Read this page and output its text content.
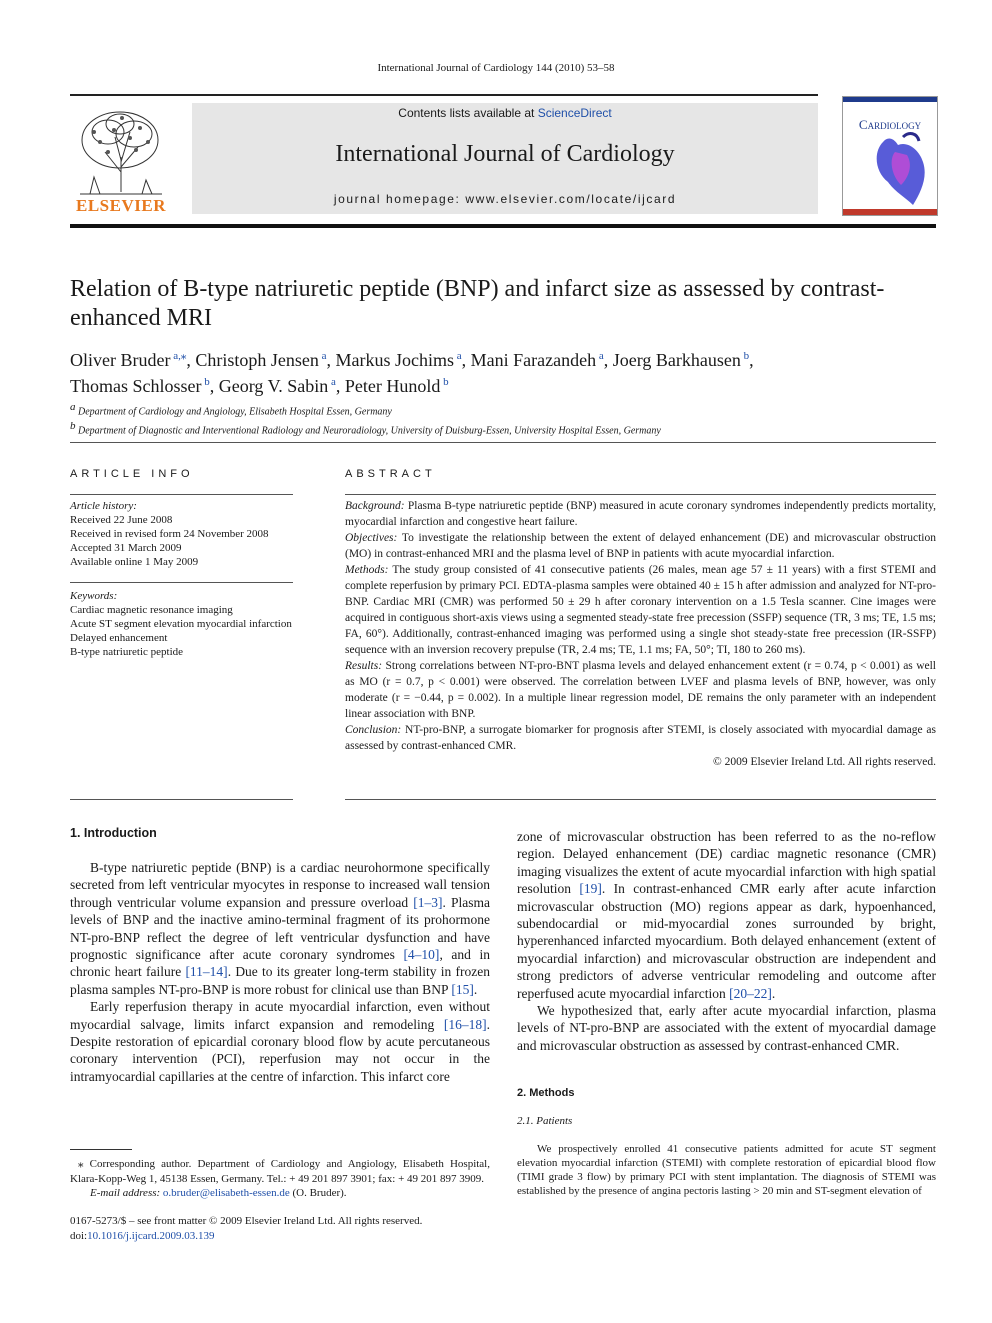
International Journal of Cardiology 144 (2010) 53–58
ELSEVIER
Contents lists available at ScienceDirect
International Journal of Cardiology
journal homepage: www.elsevier.com/locate/ijcard
Cardiology
Relation of B-type natriuretic peptide (BNP) and infarct size as assessed by contrast-enhanced MRI
Oliver Bruder $^{a,⁎}$, Christoph Jensen $^a$, Markus Jochims $^a$, Mani Farazandeh $^a$, Joerg Barkhausen $^b$,
Thomas Schlosser $^b$, Georg V. Sabin $^a$, Peter Hunold $^b$
$^a$ Department of Cardiology and Angiology, Elisabeth Hospital Essen, Germany
$^b$ Department of Diagnostic and Interventional Radiology and Neuroradiology, University of Duisburg-Essen, University Hospital Essen, Germany
ARTICLE INFO
Article history:
Received 22 June 2008
Received in revised form 24 November 2008
Accepted 31 March 2009
Available online 1 May 2009
Keywords:
Cardiac magnetic resonance imaging
Acute ST segment elevation myocardial infarction
Delayed enhancement
B-type natriuretic peptide
ABSTRACT

Background: Plasma B-type natriuretic peptide (BNP) measured in acute coronary syndromes independently predicts mortality, myocardial infarction and congestive heart failure.

Objectives: To investigate the relationship between the extent of delayed enhancement (DE) and microvascular obstruction (MO) in contrast-enhanced MRI and the plasma level of BNP in patients with acute myocardial infarction.

Methods: The study group consisted of 41 consecutive patients (26 males, mean age 57 ± 11 years) with a first STEMI and complete reperfusion by primary PCI. EDTA-plasma samples were obtained 40 ± 15 h after admission and analyzed for NT-pro-BNP. Cardiac MRI (CMR) was performed 50 ± 29 h after coronary intervention on a 1.5 Tesla scanner. Cine images were acquired in contiguous short-axis views using a segmented steady-state free precession (SSFP) sequence (TR, 3 ms; TE, 1.5 ms; FA, 60°). Additionally, contrast-enhanced imaging was performed using a single shot steady-state free precession (IR-SSFP) sequence with an inversion recovery prepulse (TR, 2.4 ms; TE, 1.1 ms; FA, 50°; TI, 180 to 260 ms).

Results: Strong correlations between NT-pro-BNT plasma levels and delayed enhancement extent (r = 0.74, p < 0.001) as well as MO (r = 0.7, p < 0.001) were observed. The correlation between LVEF and plasma levels of BNP, however, was only moderate (r = −0.44, p = 0.002). In a multiple linear regression model, DE remains the only parameter with an independent linear association with BNP.

Conclusion: NT-pro-BNP, a surrogate biomarker for prognosis after STEMI, is closely associated with myocardial damage as assessed by contrast-enhanced CMR.

© 2009 Elsevier Ireland Ltd. All rights reserved.

1. Introduction

B-type natriuretic peptide (BNP) is a cardiac neurohormone specifically secreted from left ventricular myocytes in response to increased wall tension through ventricular volume expansion and pressure overload [1–3]. Plasma levels of BNP and the inactive amino-terminal fragment of its prohormone NT-pro-BNP reflect the degree of left ventricular dysfunction and have prognostic significance after acute coronary syndromes [4–10], and in chronic heart failure [11–14]. Due to its greater long-term stability in frozen plasma samples NT-pro-BNP is more robust for clinical use than BNP [15].

Early reperfusion therapy in acute myocardial infarction, even without myocardial salvage, limits infarct expansion and remodeling [16–18]. Despite restoration of epicardial coronary blood flow by acute percutaneous coronary intervention (PCI), reperfusion may not occur in the intramyocardial capillaries at the centre of infarction. This infarct core

zone of microvascular obstruction has been referred to as the no-reflow region. Delayed enhancement (DE) cardiac magnetic resonance (CMR) imaging visualizes the extent of acute myocardial infarction with high spatial resolution [19]. In contrast-enhanced CMR early after acute infarction microvascular obstruction (MO) regions appear as dark, hypoenhanced, subendocardial or mid-myocardial zones surrounded by bright, hyperenhanced infarcted myocardium. Both delayed enhancement (extent of myocardial infarction) and microvascular obstruction are independent and strong predictors of adverse ventricular remodeling and outcome after reperfused acute myocardial infarction [20–22].

We hypothesized that, early after acute myocardial infarction, plasma levels of NT-pro-BNP are associated with the extent of myocardial damage and microvascular obstruction as assessed by contrast-enhanced CMR.

2. Methods
2.1. Patients

We prospectively enrolled 41 consecutive patients admitted for acute ST segment elevation myocardial infarction (STEMI) with complete restoration of epicardial blood flow (TIMI grade 3 flow) by primary PCI with stent implantation. The diagnosis of STEMI was established by the presence of angina pectoris lasting > 20 min and ST-segment elevation of

⁎ Corresponding author. Department of Cardiology and Angiology, Elisabeth Hospital, Klara-Kopp-Weg 1, 45138 Essen, Germany. Tel.: + 49 201 897 3901; fax: + 49 201 897 3909.
E-mail address: o.bruder@elisabeth-essen.de (O. Bruder).
0167-5273/$ – see front matter © 2009 Elsevier Ireland Ltd. All rights reserved.
doi:10.1016/j.ijcard.2009.03.139
